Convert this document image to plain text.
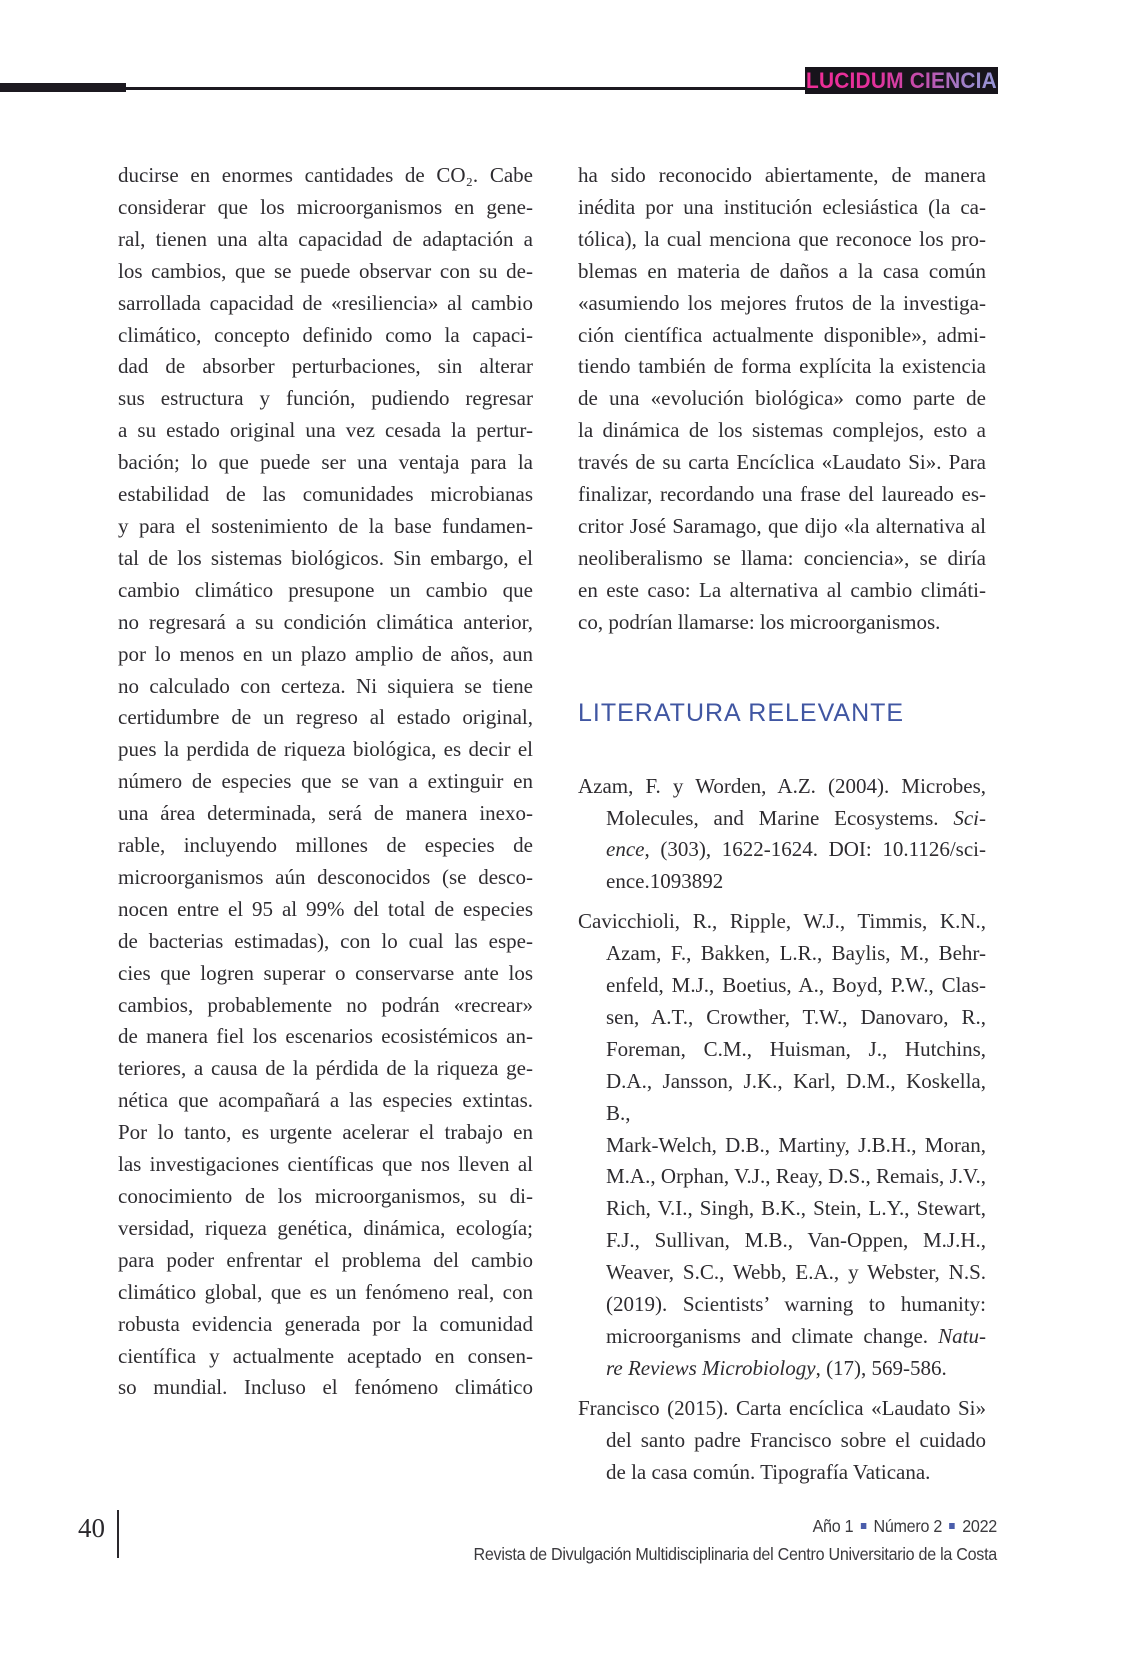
LUCIDUM CIENCIA
ducirse en enormes cantidades de CO₂. Cabe
considerar que los microorganismos en gene-
ral, tienen una alta capacidad de adaptación a
los cambios, que se puede observar con su de-
sarrollada capacidad de «resiliencia» al cambio
climático, concepto definido como la capaci-
dad de absorber perturbaciones, sin alterar
sus estructura y función, pudiendo regresar
a su estado original una vez cesada la pertur-
bación; lo que puede ser una ventaja para la
estabilidad de las comunidades microbianas
y para el sostenimiento de la base fundamen-
tal de los sistemas biológicos. Sin embargo, el
cambio climático presupone un cambio que
no regresará a su condición climática anterior,
por lo menos en un plazo amplio de años, aun
no calculado con certeza. Ni siquiera se tiene
certidumbre de un regreso al estado original,
pues la perdida de riqueza biológica, es decir el
número de especies que se van a extinguir en
una área determinada, será de manera inexo-
rable, incluyendo millones de especies de
microorganismos aún desconocidos (se desco-
nocen entre el 95 al 99% del total de especies
de bacterias estimadas), con lo cual las espe-
cies que logren superar o conservarse ante los
cambios, probablemente no podrán «recrear»
de manera fiel los escenarios ecosistémicos an-
teriores, a causa de la pérdida de la riqueza ge-
nética que acompañará a las especies extintas.
Por lo tanto, es urgente acelerar el trabajo en
las investigaciones científicas que nos lleven al
conocimiento de los microorganismos, su di-
versidad, riqueza genética, dinámica, ecología;
para poder enfrentar el problema del cambio
climático global, que es un fenómeno real, con
robusta evidencia generada por la comunidad
científica y actualmente aceptado en consen-
so mundial. Incluso el fenómeno climático
ha sido reconocido abiertamente, de manera
inédita por una institución eclesiástica (la ca-
tólica), la cual menciona que reconoce los pro-
blemas en materia de daños a la casa común
«asumiendo los mejores frutos de la investiga-
ción científica actualmente disponible», admi-
tiendo también de forma explícita la existencia
de una «evolución biológica» como parte de
la dinámica de los sistemas complejos, esto a
través de su carta Encíclica «Laudato Si». Para
finalizar, recordando una frase del laureado es-
critor José Saramago, que dijo «la alternativa al
neoliberalismo se llama: conciencia», se diría
en este caso: La alternativa al cambio climáti-
co, podrían llamarse: los microorganismos.
LITERATURA RELEVANTE
Azam, F. y Worden, A.Z. (2004). Microbes,
Molecules, and Marine Ecosystems. Sci-
ence, (303), 1622-1624. DOI: 10.1126/sci-
ence.1093892
Cavicchioli, R., Ripple, W.J., Timmis, K.N.,
Azam, F., Bakken, L.R., Baylis, M., Behr-
enfeld, M.J., Boetius, A., Boyd, P.W., Clas-
sen, A.T., Crowther, T.W., Danovaro, R.,
Foreman, C.M., Huisman, J., Hutchins,
D.A., Jansson, J.K., Karl, D.M., Koskella, B.,
Mark-Welch, D.B., Martiny, J.B.H., Moran,
M.A., Orphan, V.J., Reay, D.S., Remais, J.V.,
Rich, V.I., Singh, B.K., Stein, L.Y., Stewart,
F.J., Sullivan, M.B., Van-Oppen, M.J.H.,
Weaver, S.C., Webb, E.A., y Webster, N.S.
(2019). Scientists’ warning to humanity:
microorganisms and climate change. Natu-
re Reviews Microbiology, (17), 569-586.
Francisco (2015). Carta encíclica «Laudato Si»
del santo padre Francisco sobre el cuidado
de la casa común. Tipografía Vaticana.
40	Año 1 Número 2 2022
Revista de Divulgación Multidisciplinaria del Centro Universitario de la Costa
